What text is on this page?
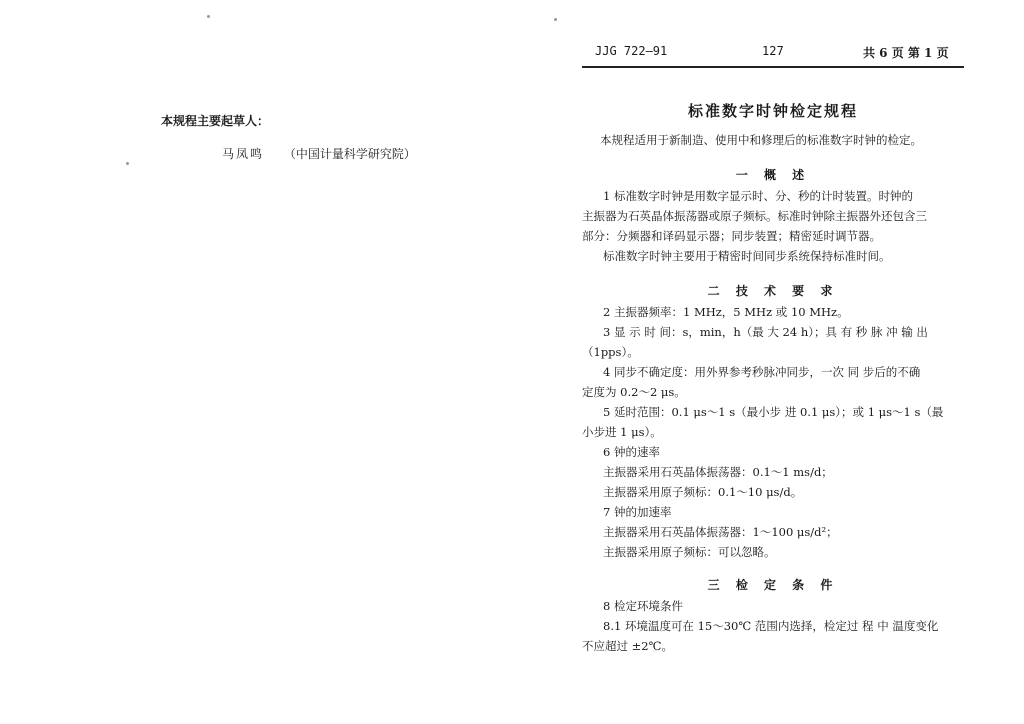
本规程主要起草人：
马凤鸣 （中国计量科学研究院）
JJG 722—91	127	共 6 页 第 1 页
标准数字时钟检定规程
本规程适用于新制造、使用中和修理后的标准数字时钟的检定。
一 概 述
1 标准数字时钟是用数字显示时、分、秒的计时装置。时钟的
主振器为石英晶体振荡器或原子频标。标准时钟除主振器外还包含三
部分：分频器和译码显示器；同步装置；精密延时调节器。
标准数字时钟主要用于精密时间同步系统保持标准时间。
二 技 术 要 求
2 主振器频率：1 MHz，5 MHz 或 10 MHz。
3 显 示 时 间：s，min，h（最 大 24 h）；具 有 秒 脉 冲 输 出
（1pps）。
4 同步不确定度：用外界参考秒脉冲同步，一次 同 步后的不确
定度为 0.2～2 μs。
5 延时范围：0.1 μs～1 s（最小步 进 0.1 μs）；或 1 μs～1 s（最
小步进 1 μs）。
6 钟的速率
主振器采用石英晶体振荡器：0.1～1 ms/d；
主振器采用原子频标：0.1～10 μs/d。
7 钟的加速率
主振器采用石英晶体振荡器：1～100 μs/d²；
主振器采用原子频标：可以忽略。
三 检 定 条 件
8 检定环境条件
8.1 环境温度可在 15～30℃ 范围内选择，检定过 程 中 温度变化
不应超过 ±2℃。
